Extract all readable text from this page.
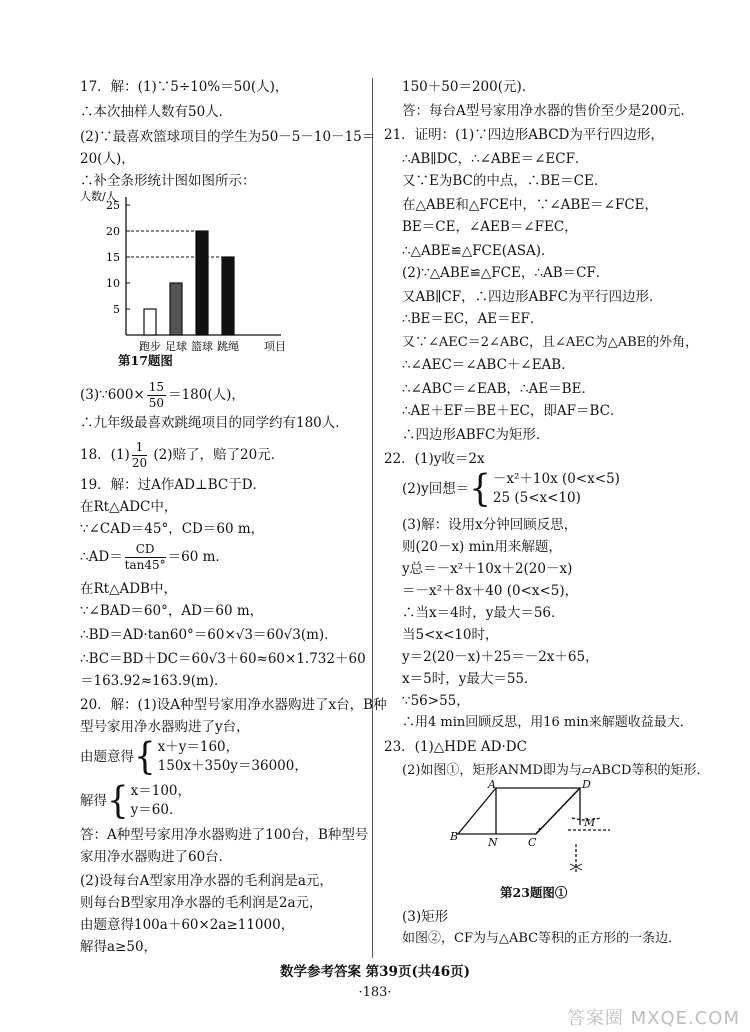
17．解：(1)∵5÷10%＝50(人)，
∴本次抽样人数有50人．
(2)∵最喜欢篮球项目的学生为50－5－10－15＝
20(人)，
∴补全条形统计图如图所示：
5
10
15
20
25
人数/人
项目
跑步 足球 篮球 跳绳
第17题图
(3)∵600× $\frac{15}{50} =180$(人)，
∴九年级最喜欢跳绳项目的同学约有180人．
18．$(1) \frac{1}{20} (2)$赔了，赔了20元．
19．解：过A作AD⊥BC于D．
在Rt△ADC中，
∵∠CAD＝45°，CD＝60 m，
∴AD＝ $\frac{CD}{\tan 45^\circ} =60$ m．
在Rt△ADB中，
∵∠BAD＝60°，AD＝60 m，
∴BD＝AD·tan60°＝60×√3＝60√3(m)．
∴BC＝BD＋DC＝60√3＋60≈60×1.732＋60
＝163.92≈163.9(m)．
20．解：(1)设A种型号家用净水器购进了x台，B种
型号家用净水器购进了y台，
由题意得{ x＋y＝160，
150x＋350y＝36000，
解得{ x＝100，
y＝60．
答：A种型号家用净水器购进了100台，B种型号
家用净水器购进了60台．
(2)设每台A型家用净水器的毛利润是a元，
则每台B型家用净水器的毛利润是2a元，
由题意得100a＋60×2a≥11000，
解得a≥50，
150＋50＝200(元)．
答：每台A型号家用净水器的售价至少是200元．
21．证明：(1)∵四边形ABCD为平行四边形，
∴AB∥DC，∴∠ABE＝∠ECF．
又∵E为BC的中点，∴BE＝CE．
在△ABE和△FCE中，∵∠ABE＝∠FCE，
BE＝CE，∠AEB＝∠FEC，
∴△ABE≌△FCE(ASA)．
(2)∵△ABE≌△FCE，∴AB＝CF．
又AB∥CF，∴四边形ABFC为平行四边形．
∴BE＝EC，AE＝EF．
又∵∠AEC＝2∠ABC，且∠AEC为△ABE的外角，
∴∠AEC＝∠ABC＋∠EAB．
∴∠ABC＝∠EAB，∴AE＝BE．
∴AE＋EF＝BE＋EC，即AF＝BC．
∴四边形ABFC为矩形．
22．(1)y收＝2x
(2)y回想＝{ －x²＋10x (0<x<5)
25 (5<x<10)
(3)解：设用x分钟回顾反思，
则(20－x) min用来解题，
y总＝－x²＋10x＋2(20－x)
＝－x²＋8x＋40 (0<x<5)，
∴当x＝4时，y最大＝56．
当5<x<10时，
y＝2(20－x)＋25＝－2x＋65，
x＝5时，y最大＝55．
∵56>55，
∴用4 min回顾反思，用16 min来解题收益最大．
23．(1)△HDE AD·DC
(2)如图①，矩形ANMD即为与▱ABCD等积的矩形．
A	D
B	N	C
M
第23题图①
(3)矩形
如图②，CF为与△ABC等积的正方形的一条边．
数学参考答案 第39页(共46页)
·183·
答案圈 MXQE.COM
